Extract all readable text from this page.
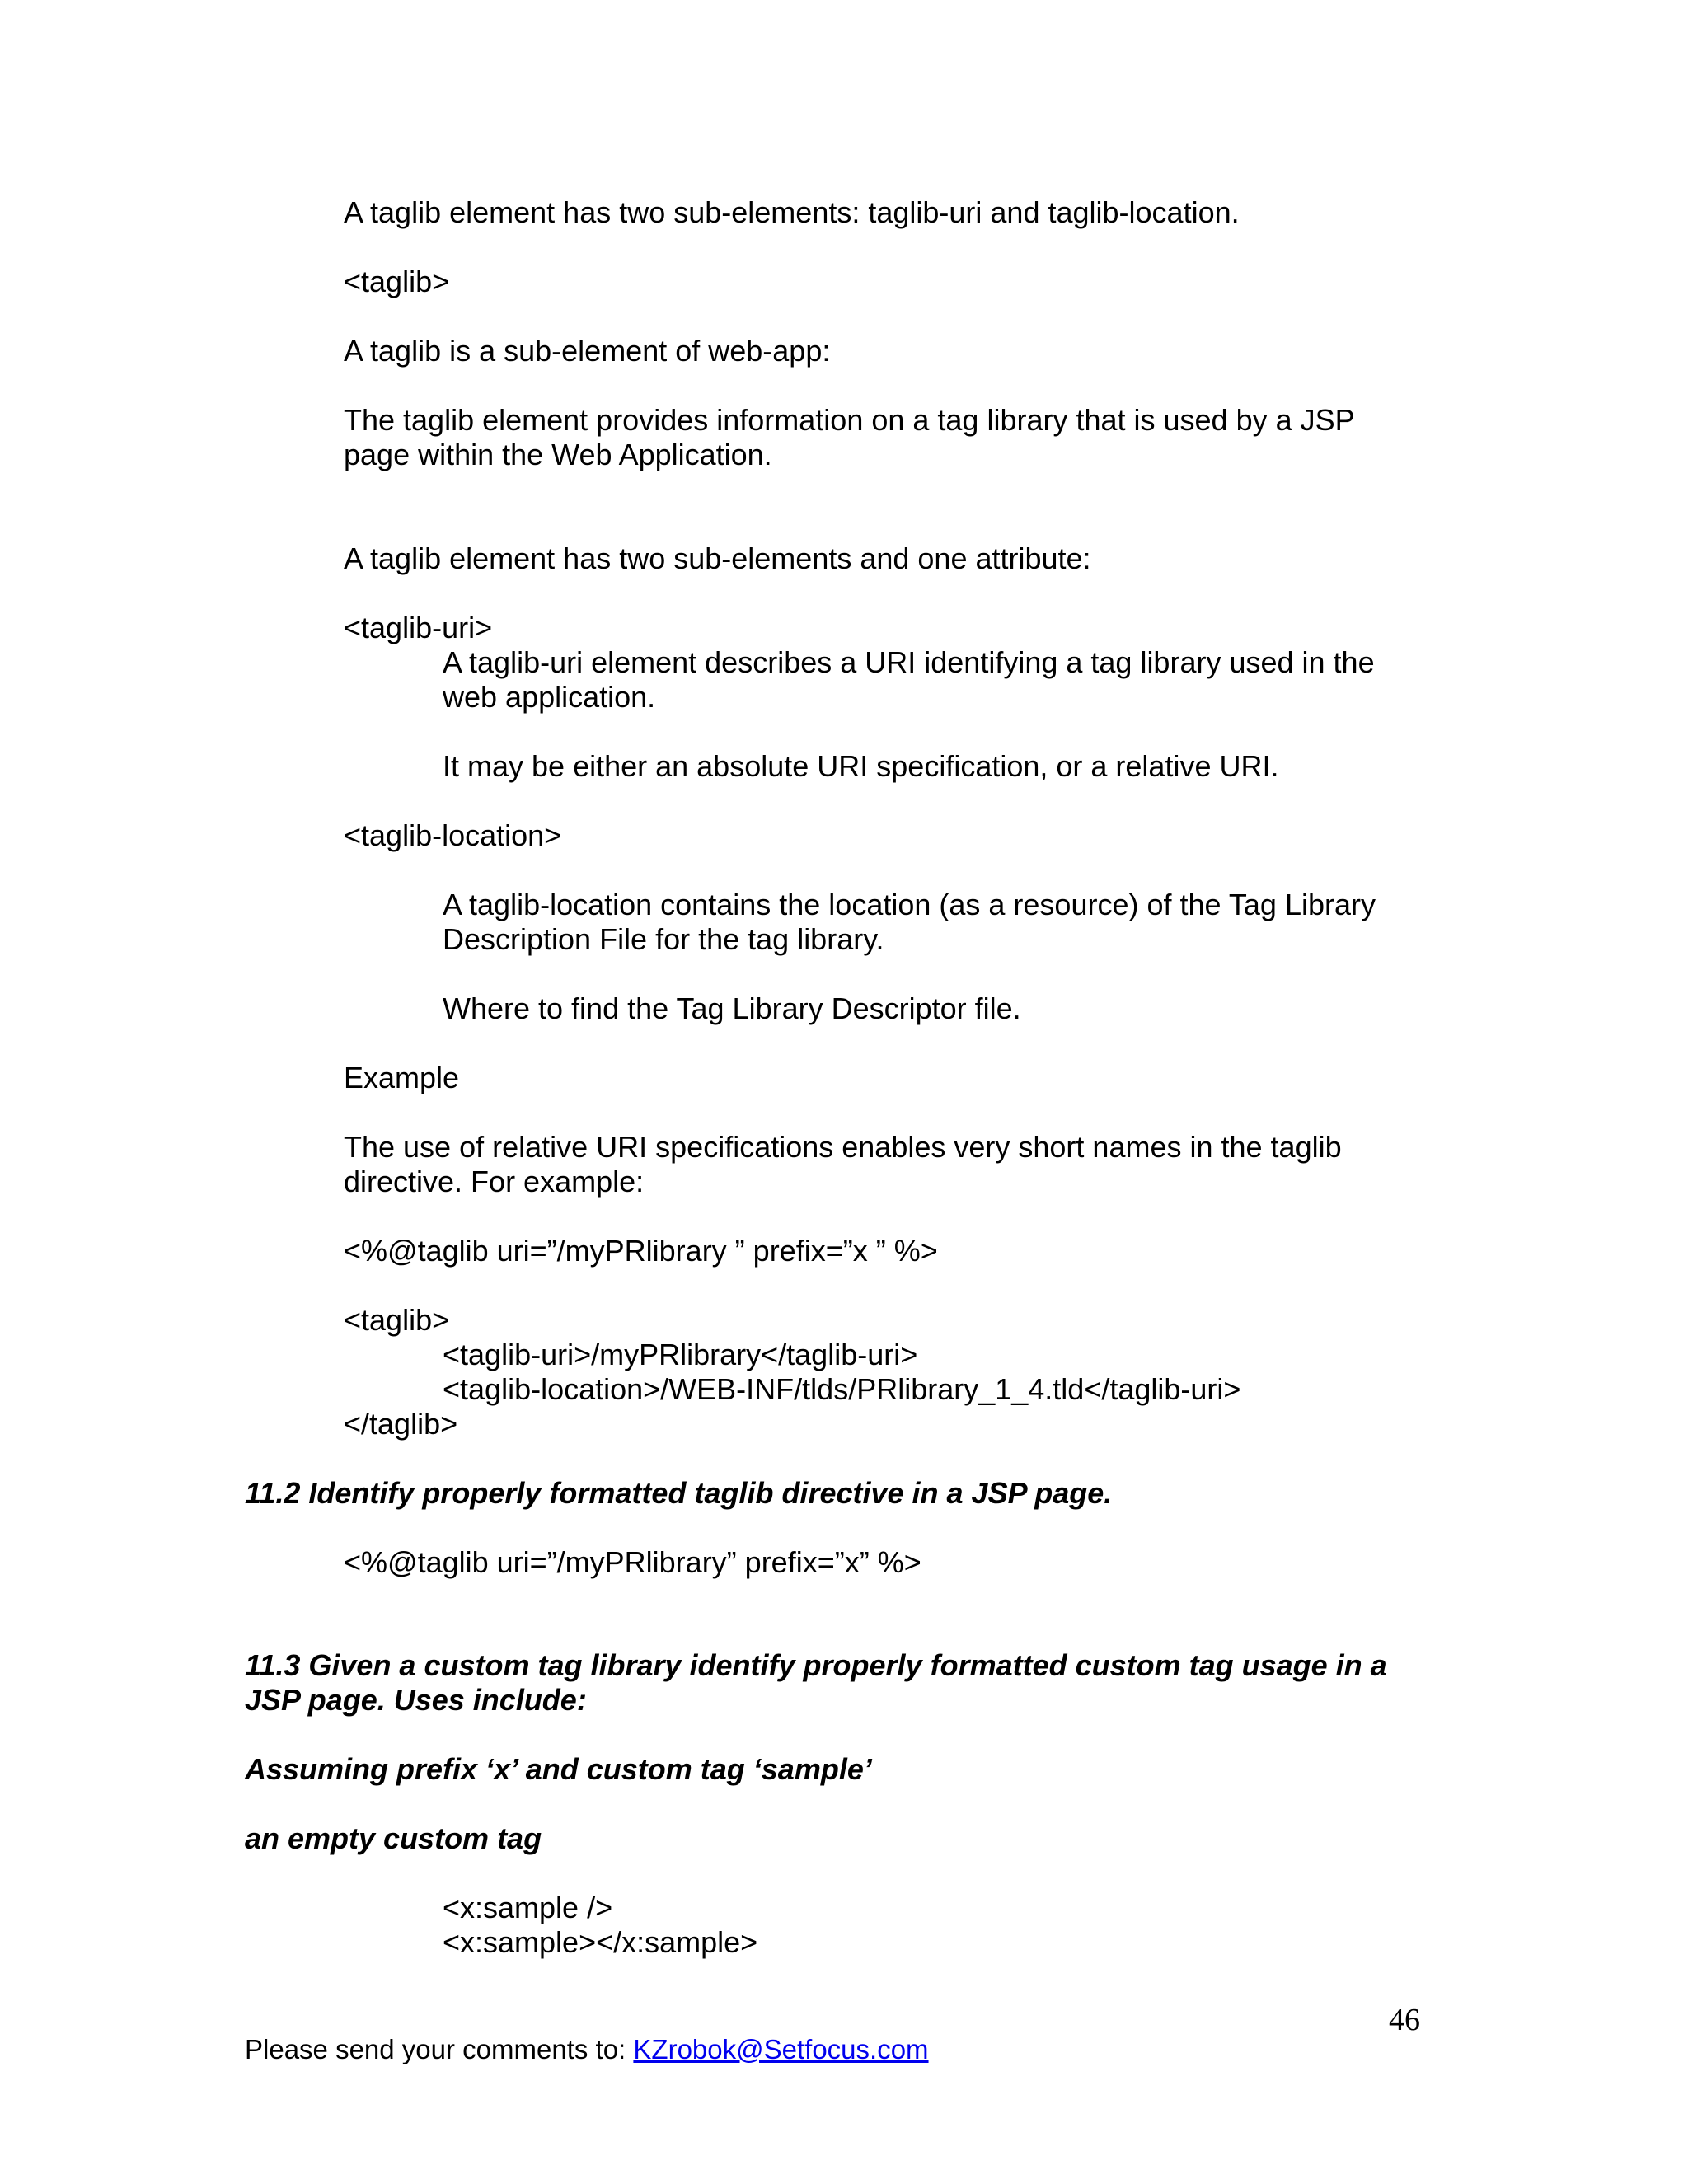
A taglib element has two sub-elements: taglib-uri and taglib-location.

<taglib>

A taglib is a sub-element of web-app:

The taglib element provides information on a tag library that is used by a JSP

page within the Web Application.

A taglib element has two sub-elements and one attribute:

<taglib-uri>

A taglib-uri element describes a URI identifying a tag library used in the

web application.

It may be either an absolute URI specification, or a relative URI.

<taglib-location>

A taglib-location contains the location (as a resource) of the Tag Library

Description File for the tag library.

Where to find the Tag Library Descriptor file.

Example

The use of relative URI specifications enables very short names in the taglib

directive. For example:

<%@taglib uri=”/myPRlibrary ” prefix=”x ” %>

<taglib>

<taglib-uri>/myPRlibrary</taglib-uri>

<taglib-location>/WEB-INF/tlds/PRlibrary_1_4.tld</taglib-uri>

</taglib>

11.2 Identify properly formatted taglib directive in a JSP page.

<%@taglib uri=”/myPRlibrary” prefix=”x” %>

11.3 Given a custom tag library identify properly formatted custom tag usage in a

JSP page. Uses include:

Assuming prefix ‘x’ and custom tag ‘sample’

an empty custom tag

<x:sample />

<x:sample></x:sample>

46

Please send your comments to: KZrobok@Setfocus.com
